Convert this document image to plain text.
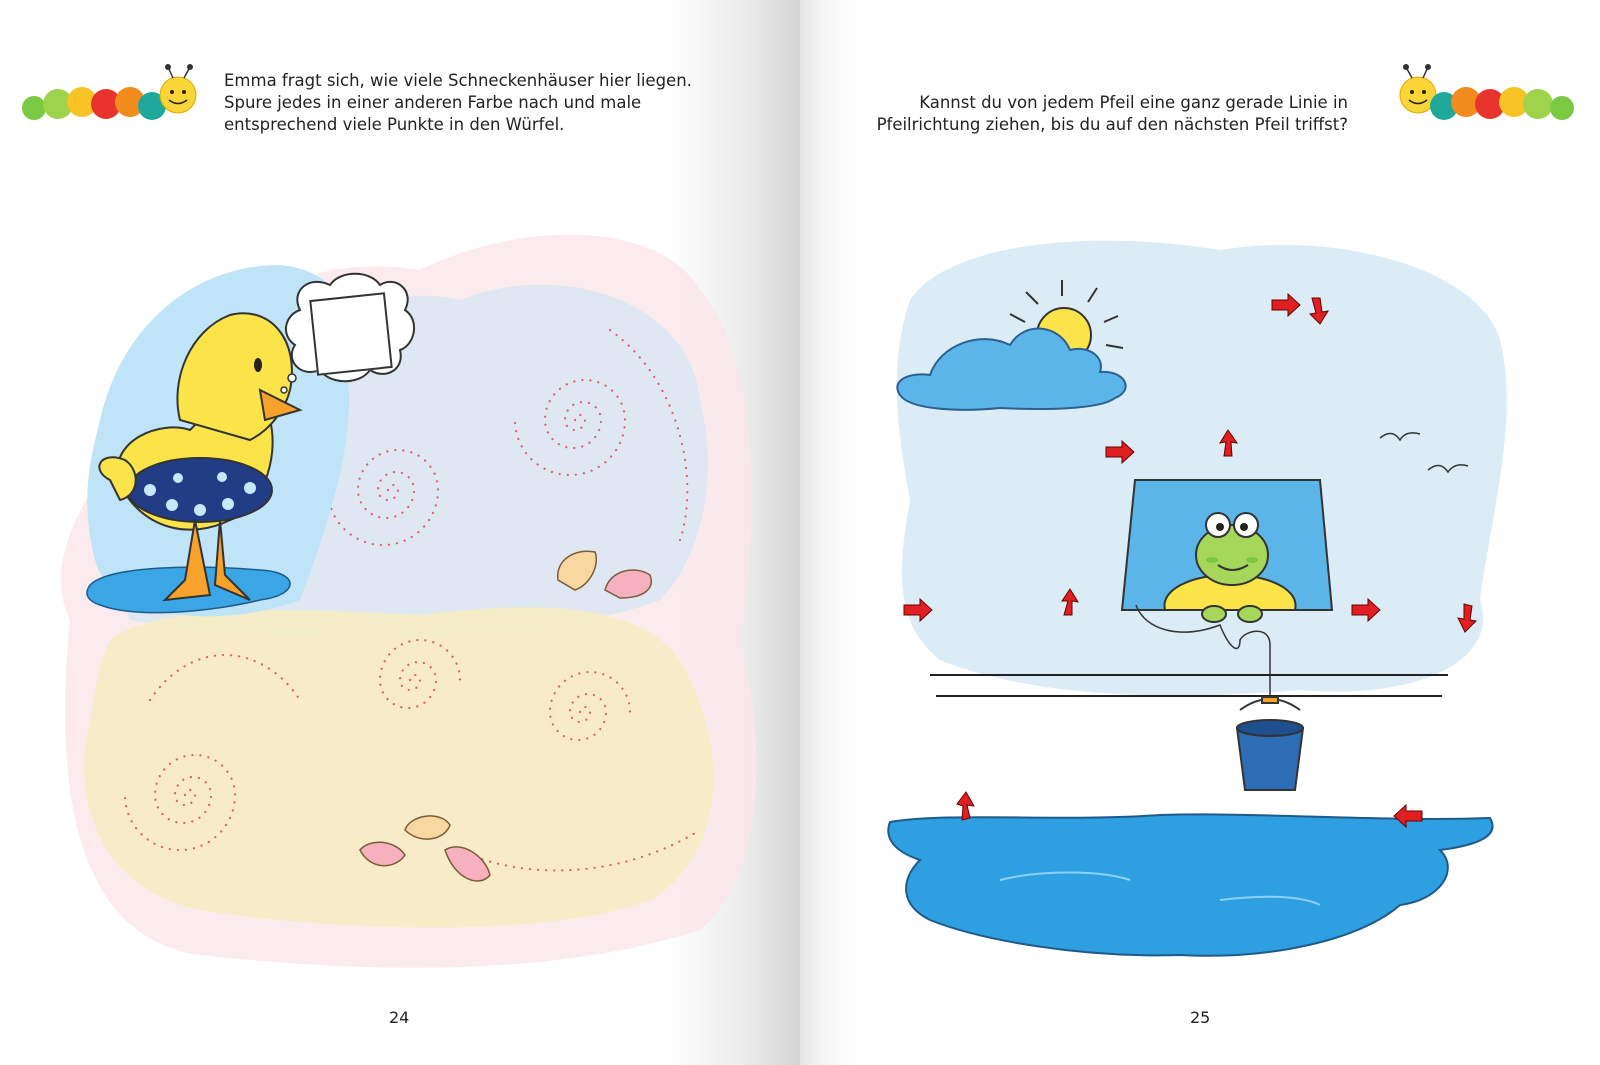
Emma fragt sich, wie viele Schneckenhäuser hier liegen.
Spure jedes in einer anderen Farbe nach und male
entsprechend viele Punkte in den Würfel.

24

Kannst du von jedem Pfeil eine ganz gerade Linie in
Pfeilrichtung ziehen, bis du auf den nächsten Pfeil triffst?

25
